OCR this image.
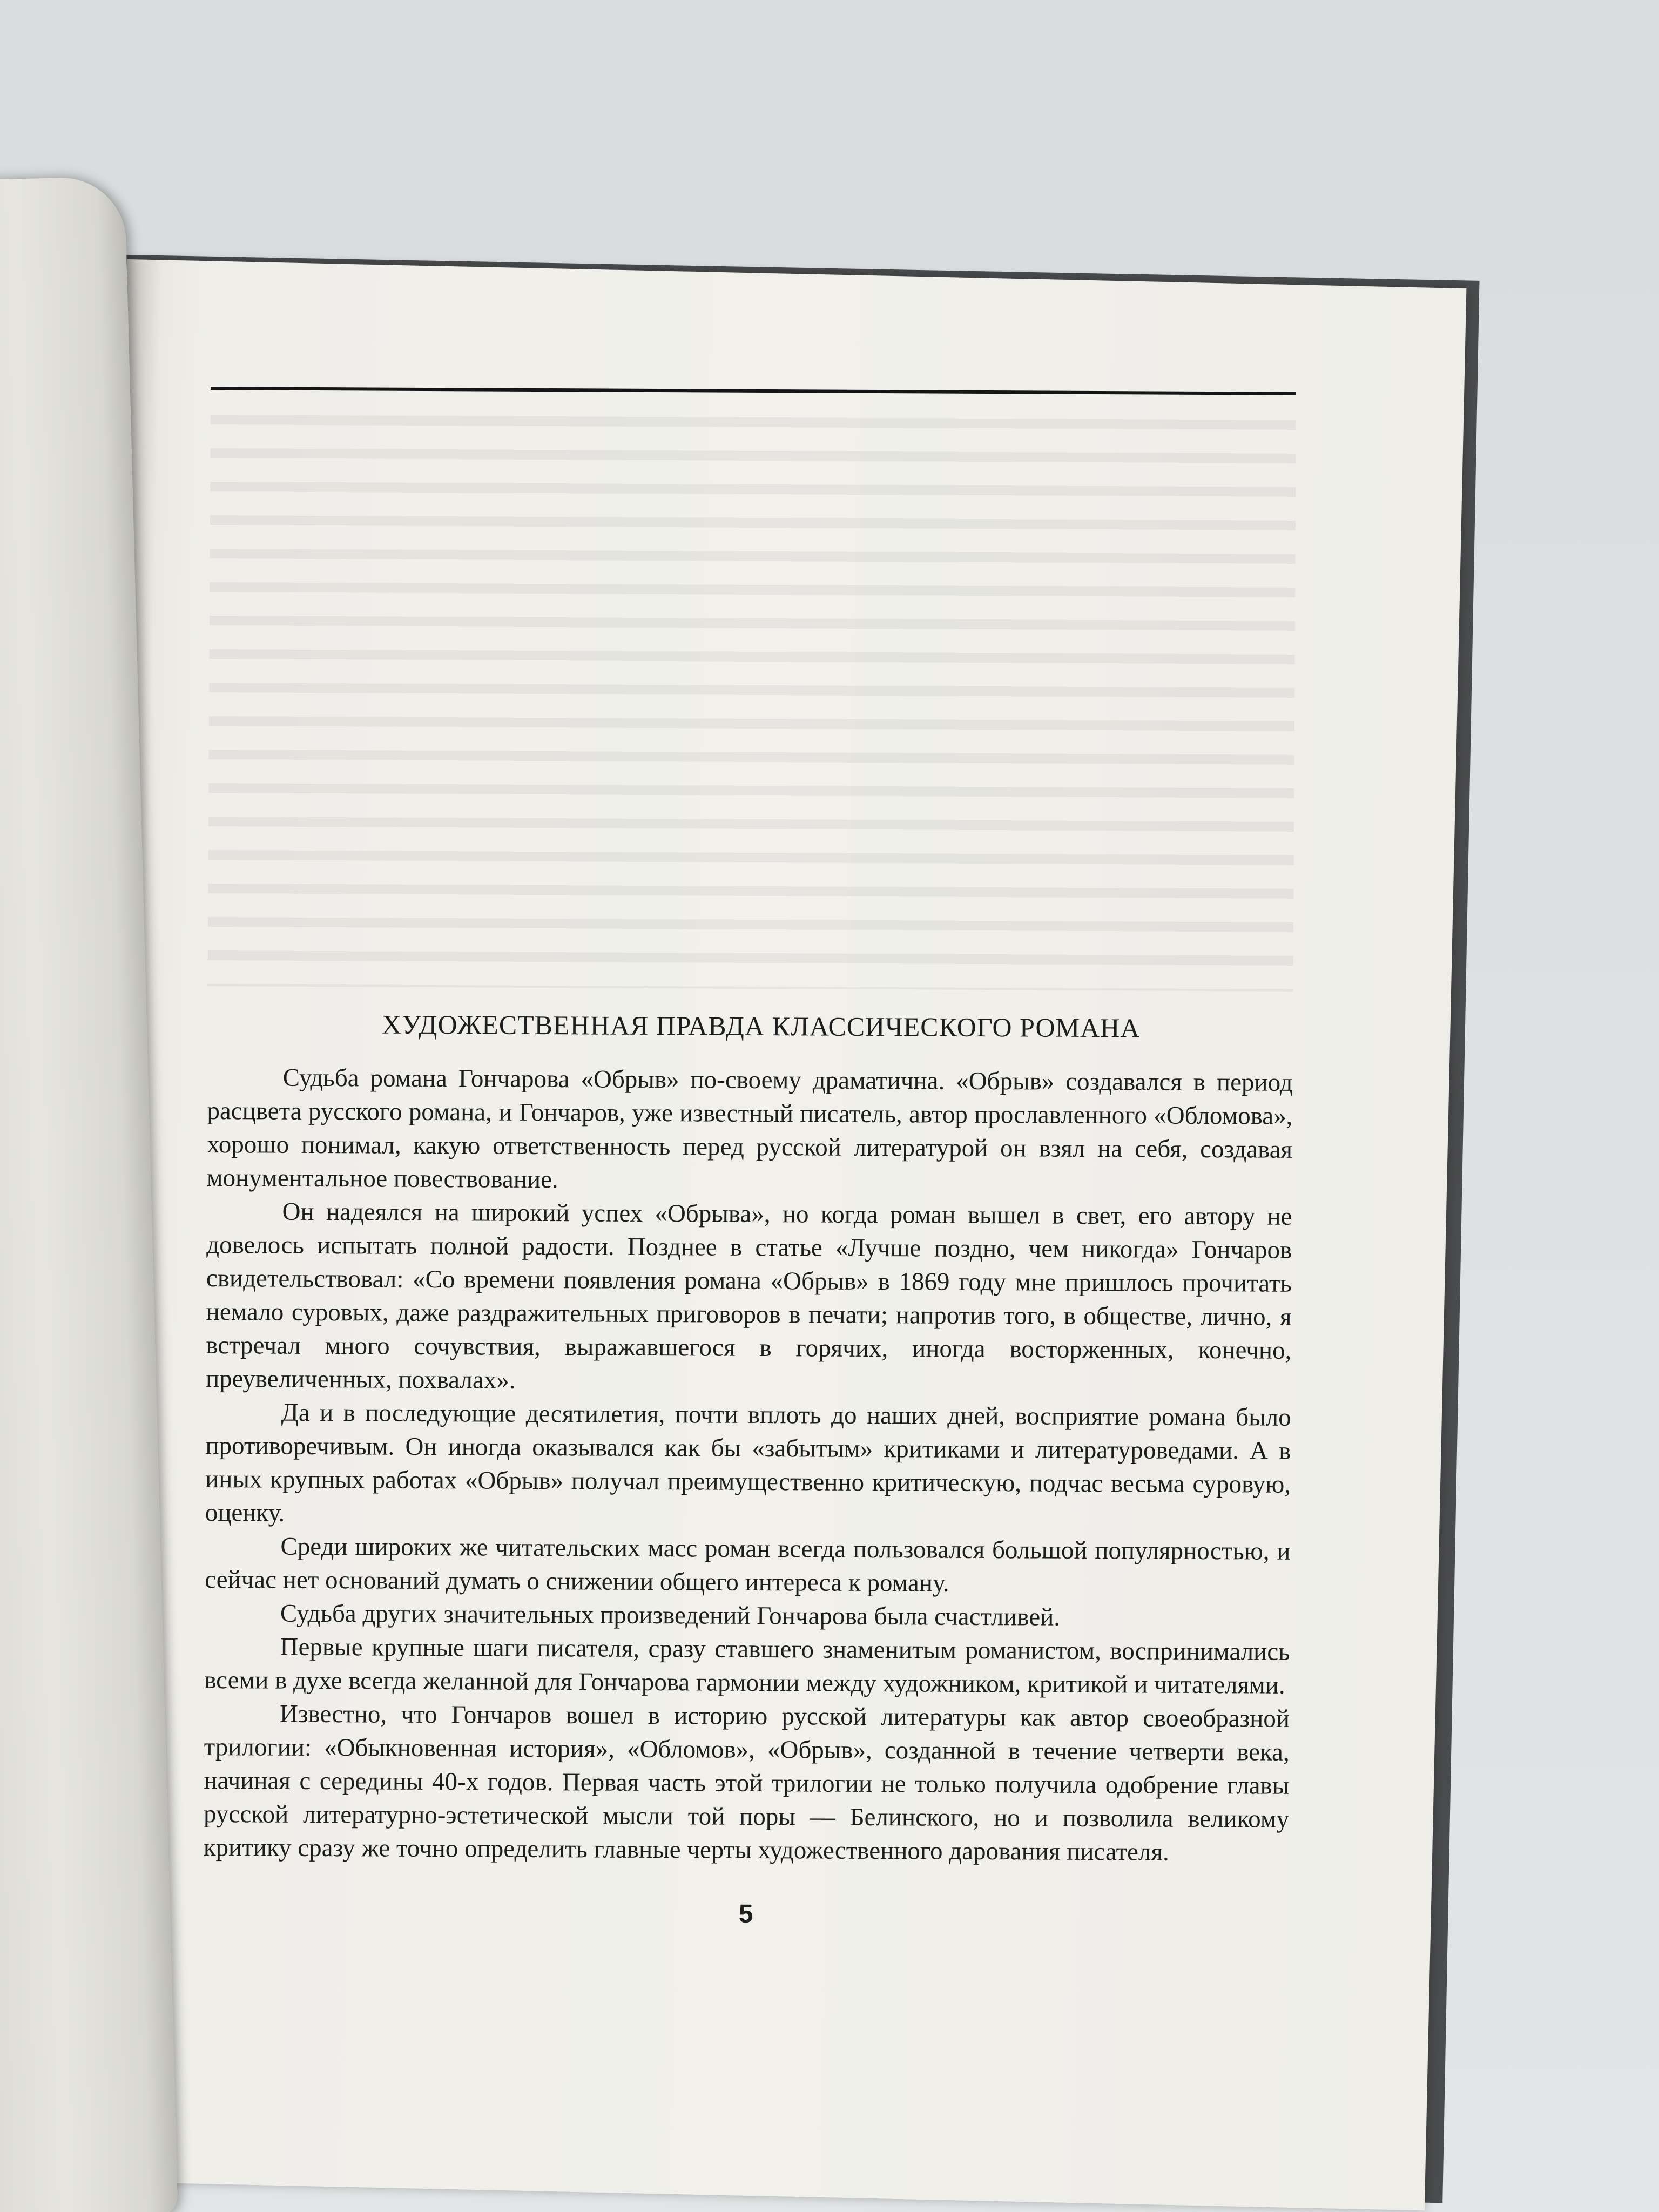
ХУДОЖЕСТВЕННАЯ ПРАВДА КЛАССИЧЕСКОГО РОМАНА

Судьба романа Гончарова «Обрыв» по-своему драматична. «Обрыв» создавался в период расцвета русского романа, и Гончаров, уже известный писатель, автор прославленного «Обломова», хорошо понимал, какую ответственность перед русской литературой он взял на себя, создавая монументальное повествование.

Он надеялся на широкий успех «Обрыва», но когда роман вышел в свет, его автору не довелось испытать полной радости. Позднее в статье «Лучше поздно, чем никогда» Гончаров свидетельствовал: «Со времени появления романа «Обрыв» в 1869 году мне пришлось прочитать немало суровых, даже раздражительных приговоров в печати; напротив того, в обществе, лично, я встречал много сочувствия, выражавшегося в горячих, иногда восторженных, конечно, преувеличенных, похвалах».

Да и в последующие десятилетия, почти вплоть до наших дней, восприятие романа было противоречивым. Он иногда оказывался как бы «забытым» критиками и литературоведами. А в иных крупных работах «Обрыв» получал преимущественно критическую, подчас весьма суровую, оценку.

Среди широких же читательских масс роман всегда пользовался большой популярностью, и сейчас нет оснований думать о снижении общего интереса к роману.

Судьба других значительных произведений Гончарова была счастливей.

Первые крупные шаги писателя, сразу ставшего знаменитым романистом, воспринимались всеми в духе всегда желанной для Гончарова гармонии между художником, критикой и читателями.

Известно, что Гончаров вошел в историю русской литературы как автор своеобразной трилогии: «Обыкновенная история», «Обломов», «Обрыв», созданной в течение четверти века, начиная с середины 40-х годов. Первая часть этой трилогии не только получила одобрение главы русской литературно-эстетической мысли той поры — Белинского, но и позволила великому критику сразу же точно определить главные черты художественного дарования писателя.

5
